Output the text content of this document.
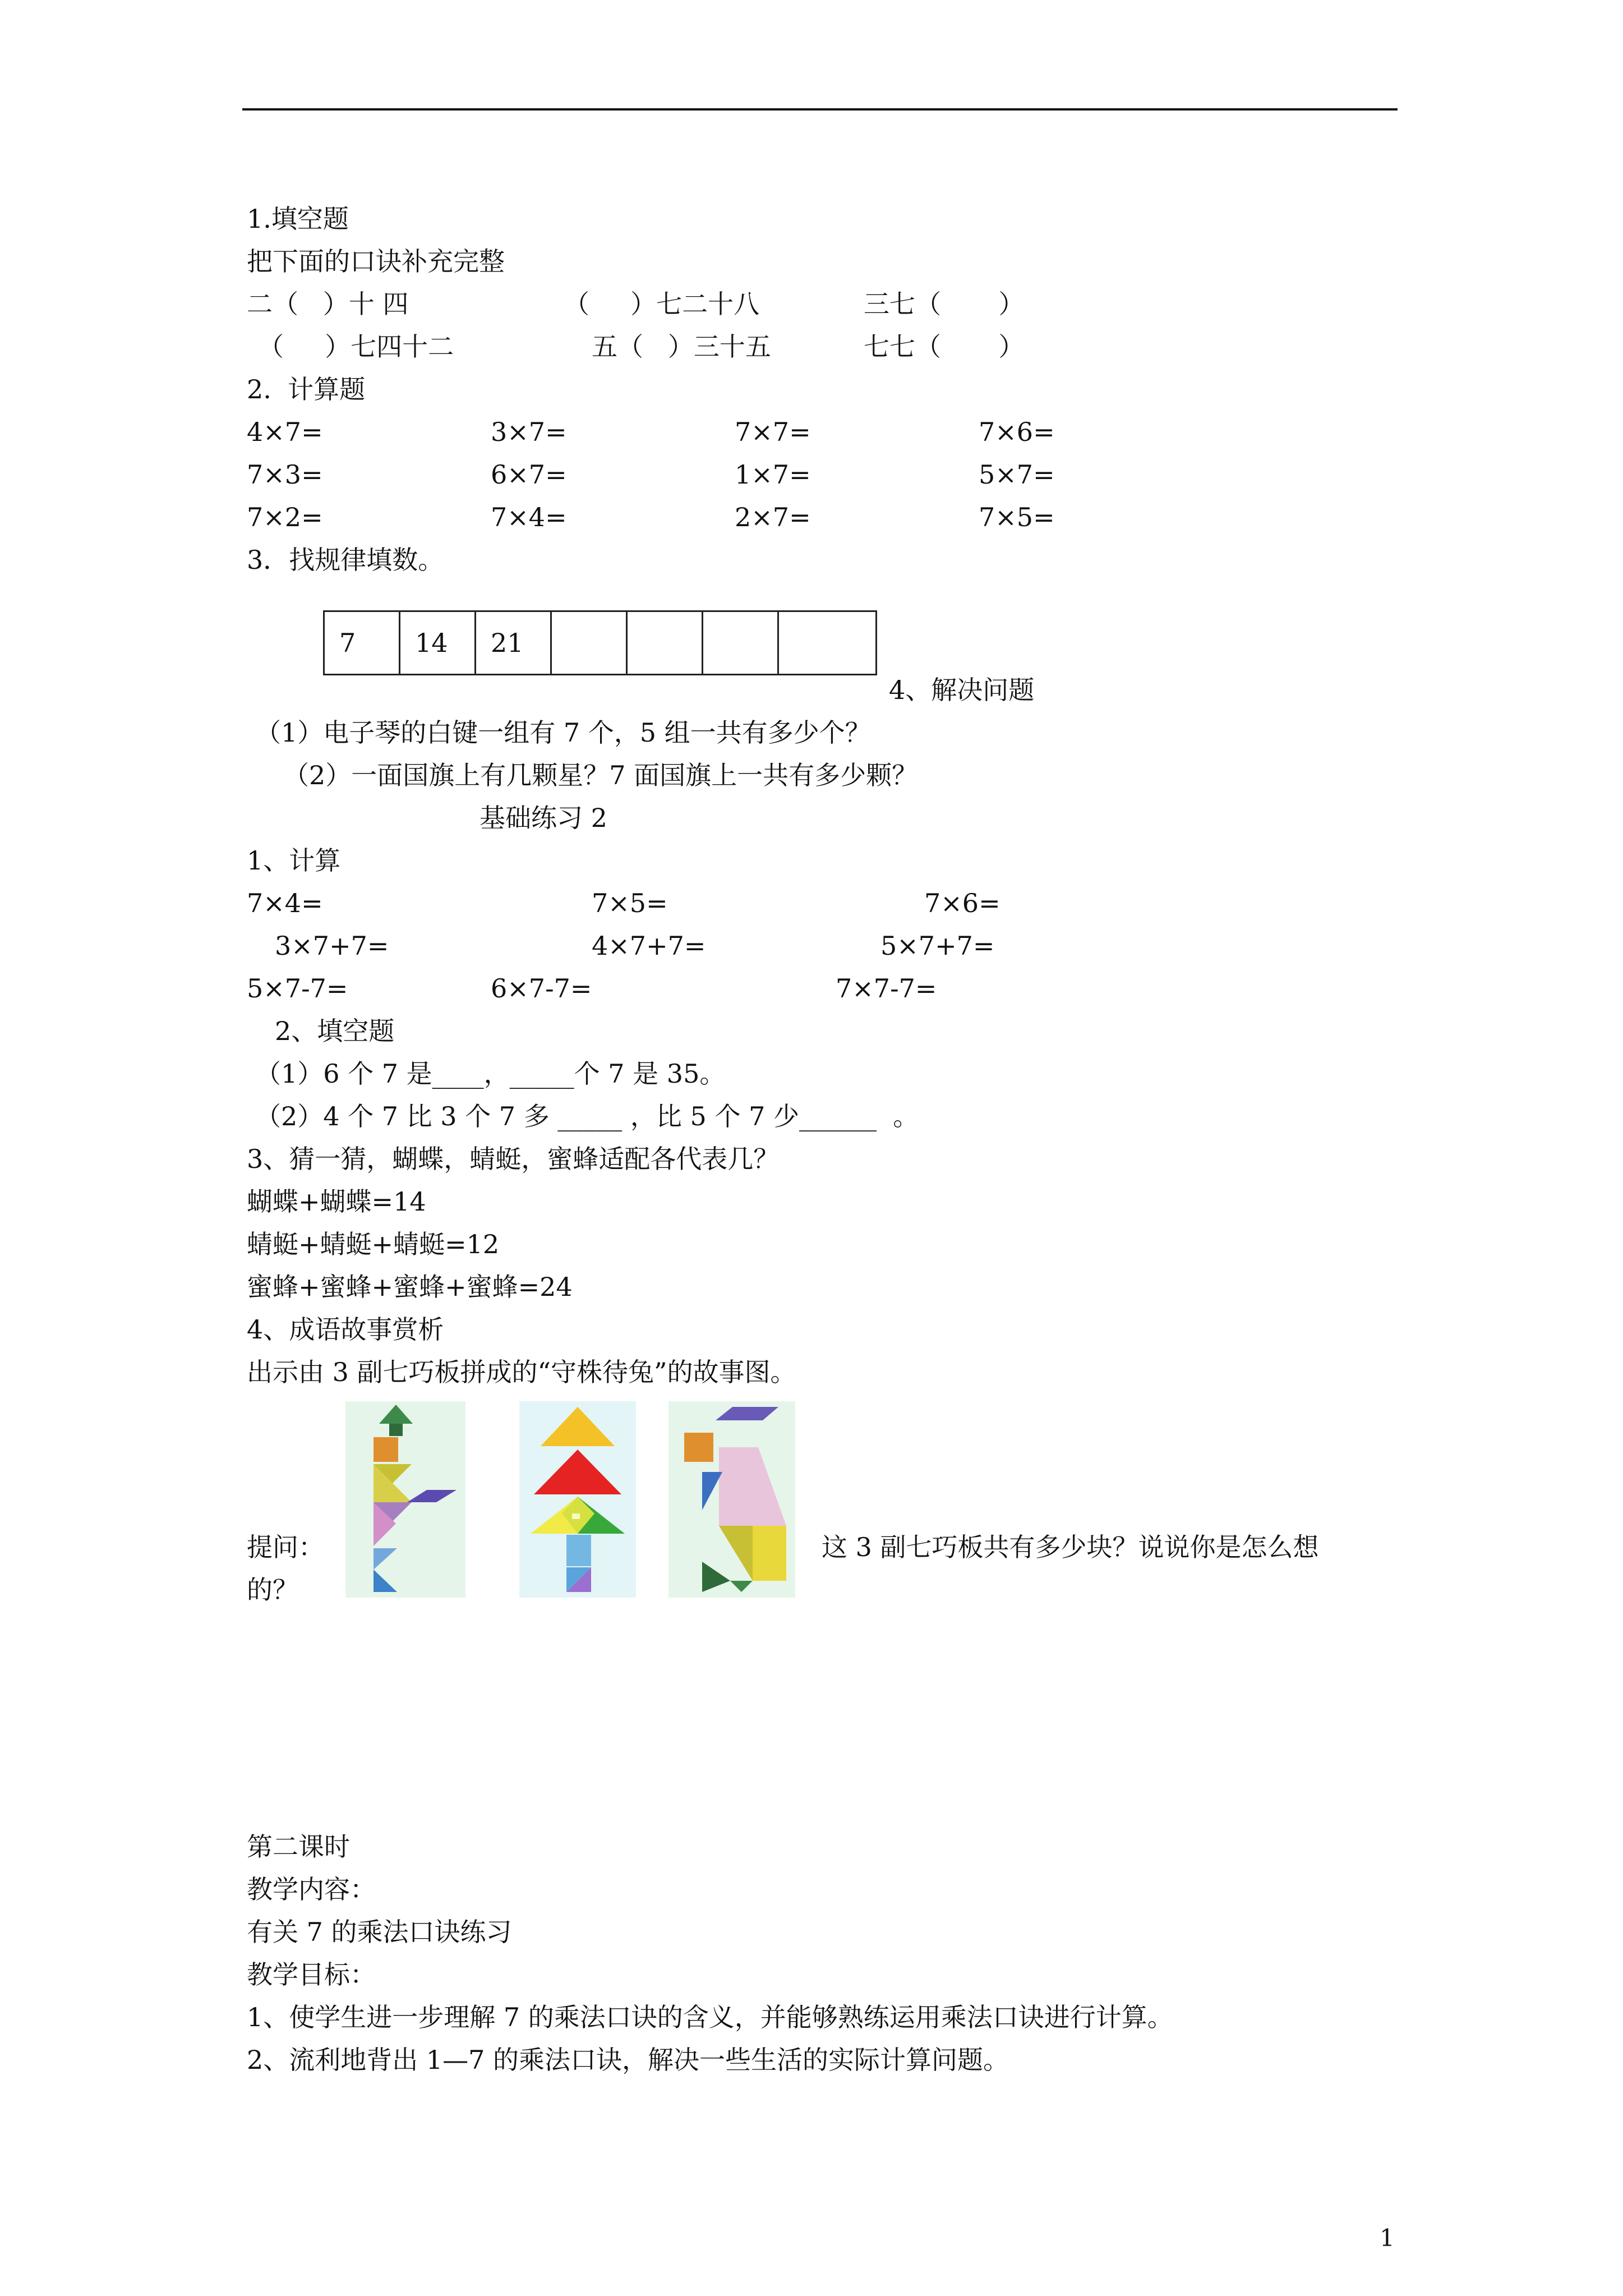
1.填空题
把下面的口诀补充完整
二（   ）十 四	（     ）七二十八	三七（       ）
（     ）七四十二	五（   ）三十五	七七（       ）
2.  计算题
4×7=	3×7=	7×7=	7×6=
7×3=	6×7=	1×7=	5×7=
7×2=	7×4=	2×7=	7×5=
3．找规律填数。
7	14	21				
4、解决问题
（1）电子琴的白键一组有 7 个，5 组一共有多少个？
（2）一面国旗上有几颗星？7 面国旗上一共有多少颗？
基础练习 2
1、计算
7×4=	7×5=	7×6=
3×7+7=	4×7+7=	5×7+7=
5×7-7=	6×7-7=	7×7-7=
2、填空题
（1）6 个 7 是____，_____个 7 是 35。
（2）4 个 7 比 3 个 7 多 _____ ，比 5 个 7 少______  。
3、猜一猜，蝴蝶，蜻蜓，蜜蜂适配各代表几？
蝴蝶+蝴蝶=14
蜻蜓+蜻蜓+蜻蜓=12
蜜蜂+蜜蜂+蜜蜂+蜜蜂=24
4、成语故事赏析
出示由 3 副七巧板拼成的“守株待兔”的故事图。
提问：	这 3 副七巧板共有多少块？说说你是怎么想
的？
第二课时
教学内容：
有关 7 的乘法口诀练习
教学目标：
1、使学生进一步理解 7 的乘法口诀的含义，并能够熟练运用乘法口诀进行计算。
2、流利地背出 1—7 的乘法口诀，解决一些生活的实际计算问题。
1
